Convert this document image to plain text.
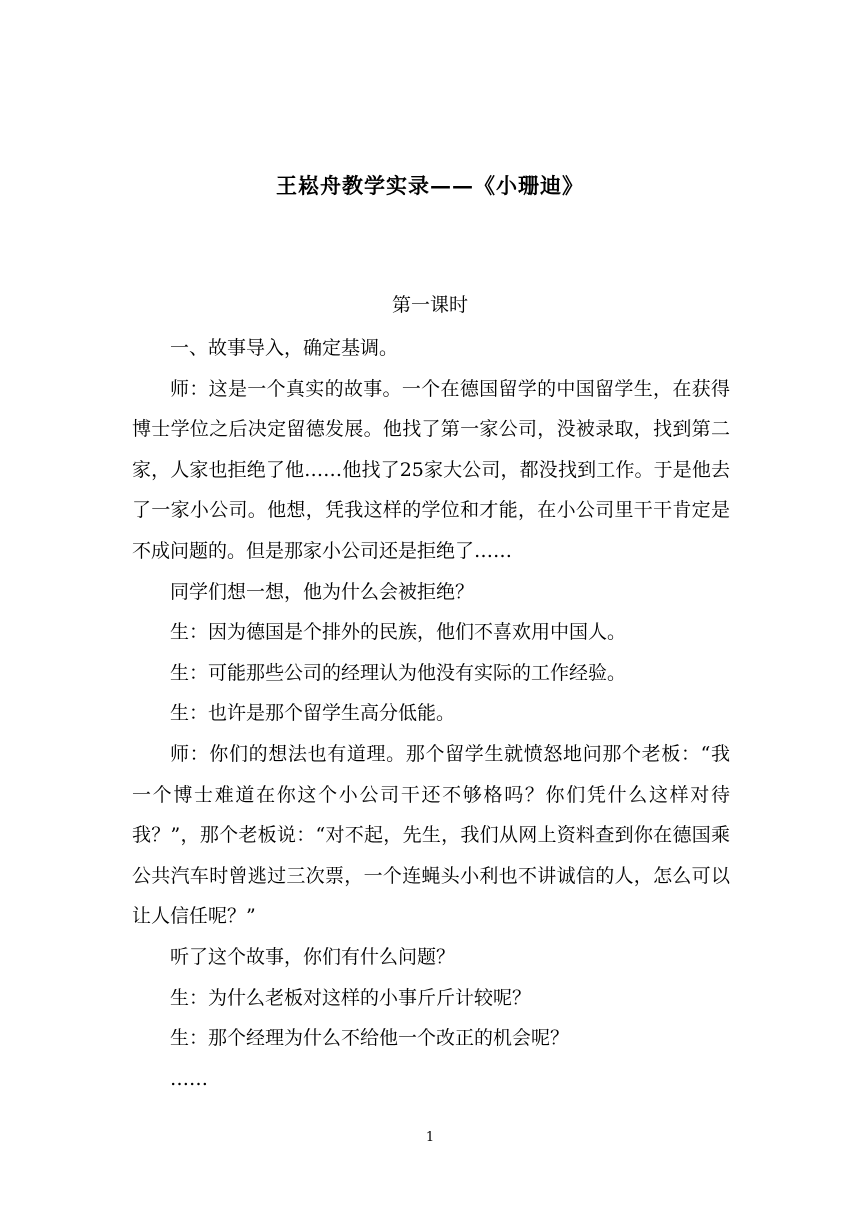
王崧舟教学实录——《小珊迪》
第一课时

一、故事导入，确定基调。

师：这是一个真实的故事。一个在德国留学的中国留学生，在获得博士学位之后决定留德发展。他找了第一家公司，没被录取，找到第二家，人家也拒绝了他……他找了25家大公司，都没找到工作。于是他去了一家小公司。他想，凭我这样的学位和才能，在小公司里干干肯定是不成问题的。但是那家小公司还是拒绝了……

同学们想一想，他为什么会被拒绝？

生：因为德国是个排外的民族，他们不喜欢用中国人。

生：可能那些公司的经理认为他没有实际的工作经验。

生：也许是那个留学生高分低能。

师：你们的想法也有道理。那个留学生就愤怒地问那个老板：“我一个博士难道在你这个小公司干还不够格吗？你们凭什么这样对待我？”，那个老板说：“对不起，先生，我们从网上资料查到你在德国乘公共汽车时曾逃过三次票，一个连蝇头小利也不讲诚信的人，怎么可以让人信任呢？”

听了这个故事，你们有什么问题？

生：为什么老板对这样的小事斤斤计较呢？

生：那个经理为什么不给他一个改正的机会呢？

……

1
